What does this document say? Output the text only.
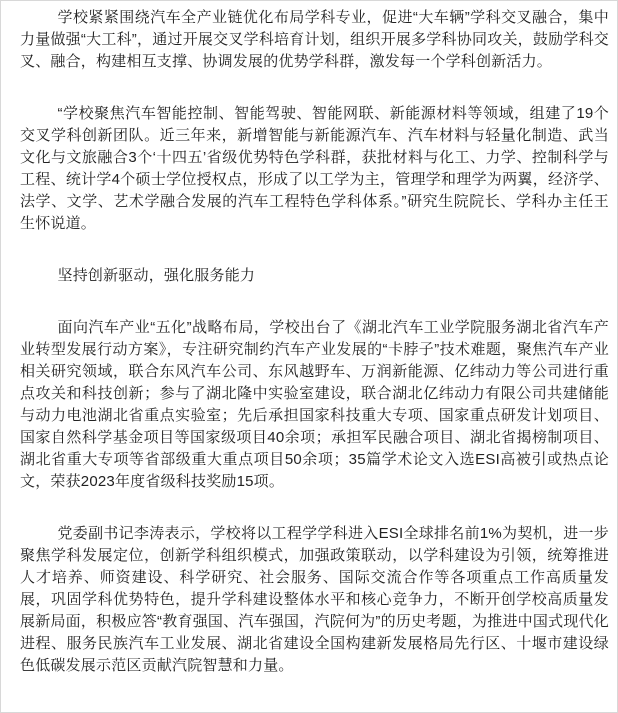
学校紧紧围绕汽车全产业链优化布局学科专业，促进“大车辆”学科交叉融合，集中力量做强“大工科”，通过开展交叉学科培育计划，组织开展多学科协同攻关，鼓励学科交叉、融合，构建相互支撑、协调发展的优势学科群，激发每一个学科创新活力。

“学校聚焦汽车智能控制、智能驾驶、智能网联、新能源材料等领域，组建了19个交叉学科创新团队。近三年来，新增智能与新能源汽车、汽车材料与轻量化制造、武当文化与文旅融合3个‘十四五’省级优势特色学科群，获批材料与化工、力学、控制科学与工程、统计学4个硕士学位授权点，形成了以工学为主，管理学和理学为两翼，经济学、法学、文学、艺术学融合发展的汽车工程特色学科体系。”研究生院院长、学科办主任王生怀说道。

坚持创新驱动，强化服务能力

面向汽车产业“五化”战略布局，学校出台了《湖北汽车工业学院服务湖北省汽车产业转型发展行动方案》，专注研究制约汽车产业发展的“卡脖子”技术难题，聚焦汽车产业相关研究领域，联合东风汽车公司、东风越野车、万润新能源、亿纬动力等公司进行重点攻关和科技创新；参与了湖北隆中实验室建设，联合湖北亿纬动力有限公司共建储能与动力电池湖北省重点实验室；先后承担国家科技重大专项、国家重点研发计划项目、国家自然科学基金项目等国家级项目40余项；承担军民融合项目、湖北省揭榜制项目、湖北省重大专项等省部级重大重点项目50余项；35篇学术论文入选ESI高被引或热点论文，荣获2023年度省级科技奖励15项。

党委副书记李涛表示，学校将以工程学学科进入ESI全球排名前1%为契机，进一步聚焦学科发展定位，创新学科组织模式，加强政策联动，以学科建设为引领，统筹推进人才培养、师资建设、科学研究、社会服务、国际交流合作等各项重点工作高质量发展，巩固学科优势特色，提升学科建设整体水平和核心竞争力，不断开创学校高质量发展新局面，积极应答“教育强国、汽车强国，汽院何为”的历史考题，为推进中国式现代化进程、服务民族汽车工业发展、湖北省建设全国构建新发展格局先行区、十堰市建设绿色低碳发展示范区贡献汽院智慧和力量。
